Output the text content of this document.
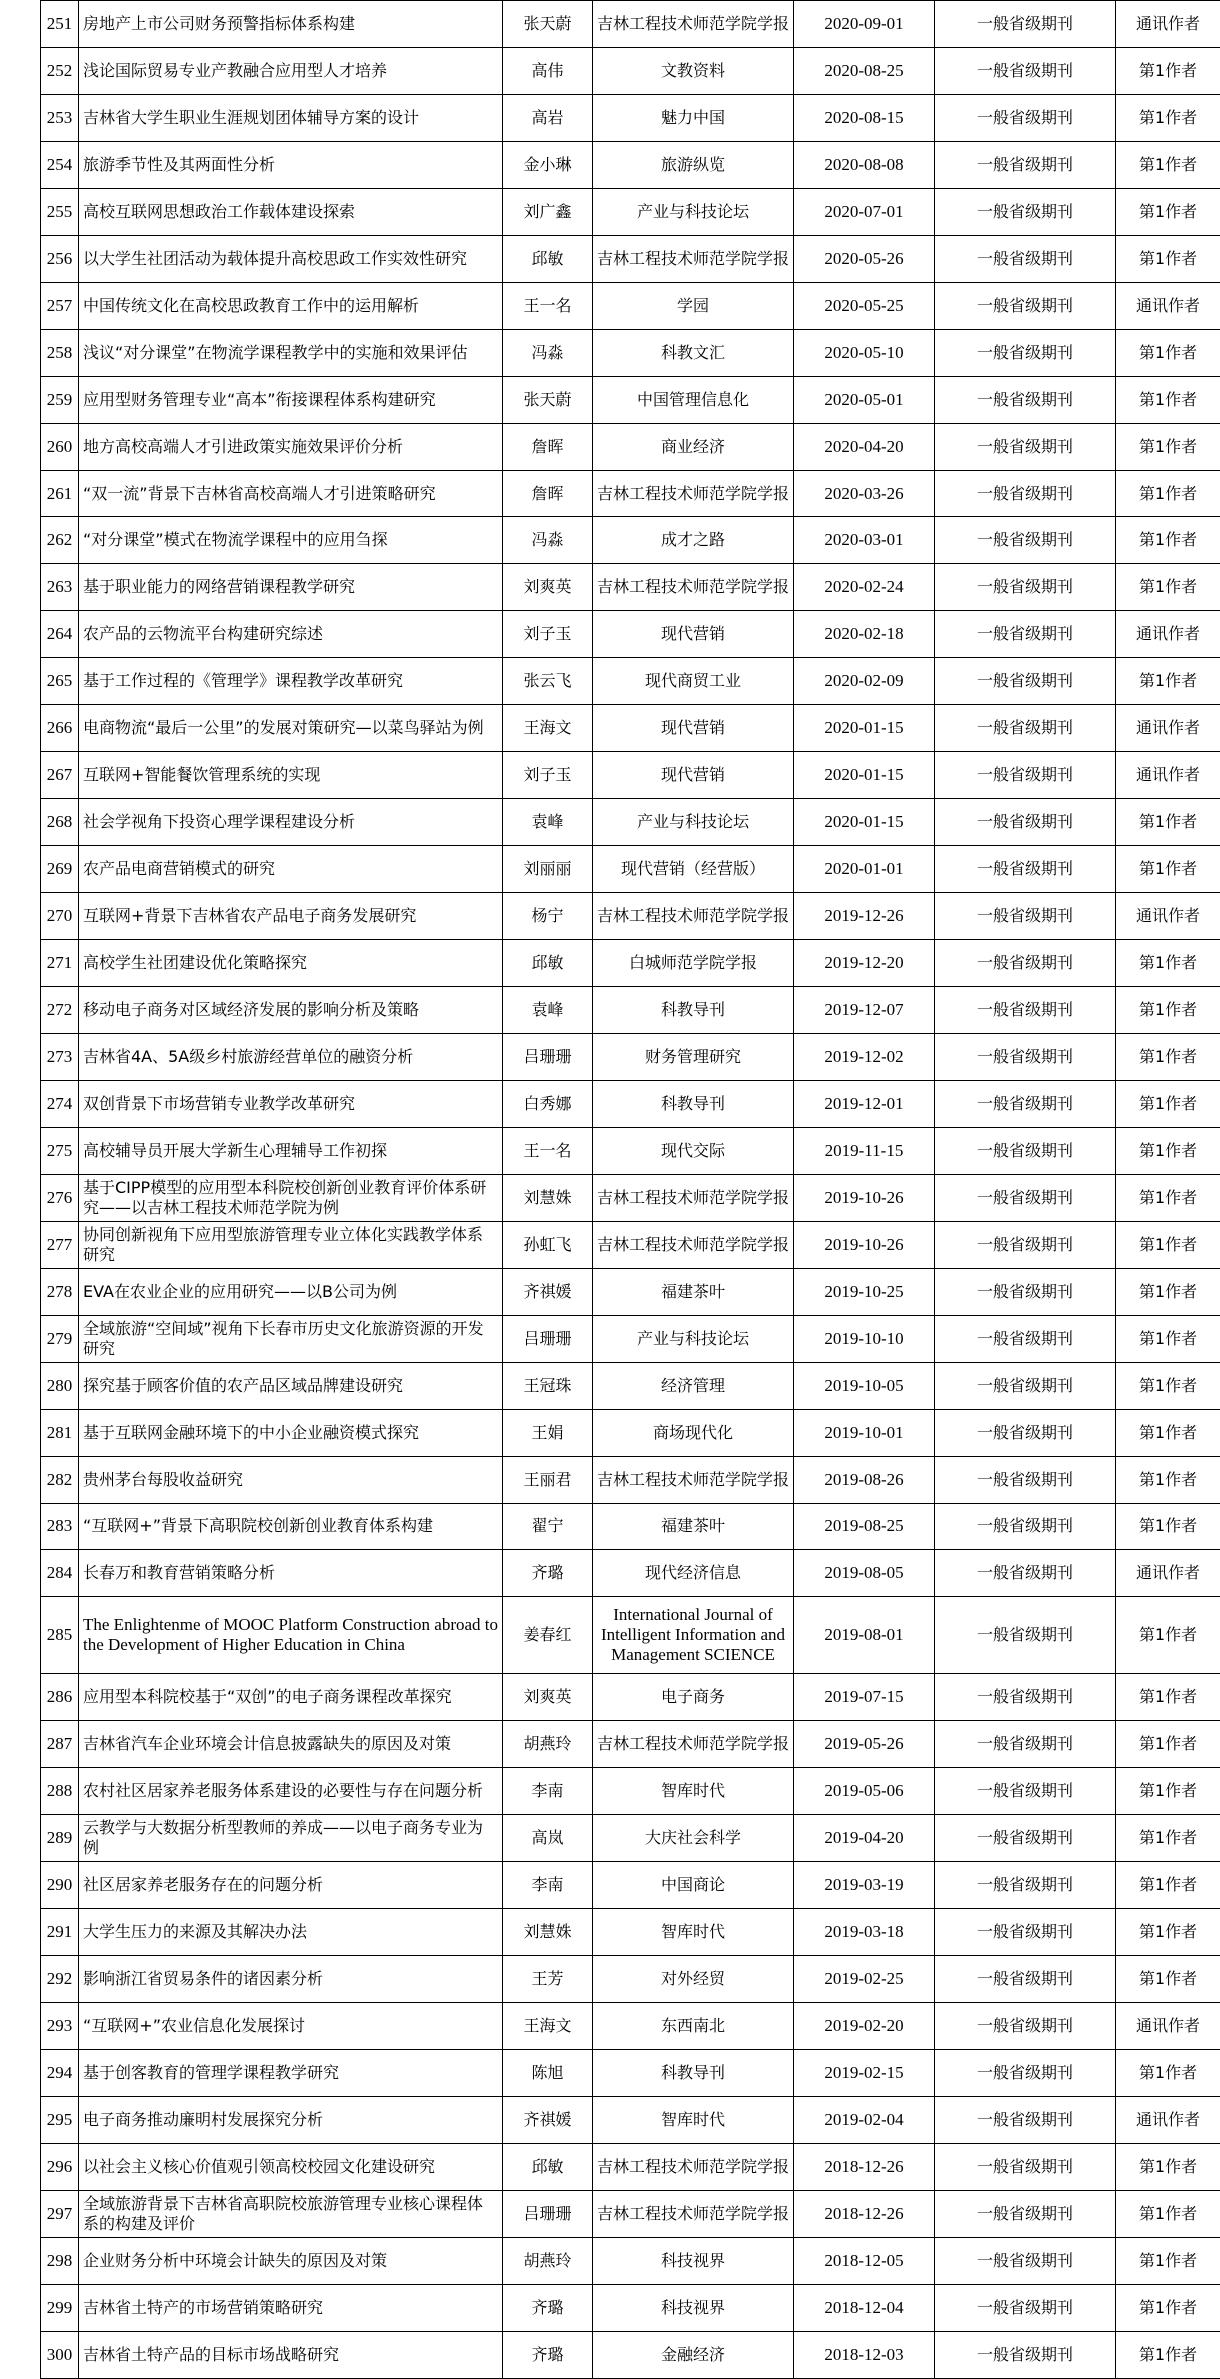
251	房地产上市公司财务预警指标体系构建	张天蔚	吉林工程技术师范学院学报	2020-09-01	一般省级期刊	通讯作者
252	浅论国际贸易专业产教融合应用型人才培养	高伟	文教资料	2020-08-25	一般省级期刊	第1作者
253	吉林省大学生职业生涯规划团体辅导方案的设计	高岩	魅力中国	2020-08-15	一般省级期刊	第1作者
254	旅游季节性及其两面性分析	金小琳	旅游纵览	2020-08-08	一般省级期刊	第1作者
255	高校互联网思想政治工作载体建设探索	刘广鑫	产业与科技论坛	2020-07-01	一般省级期刊	第1作者
256	以大学生社团活动为载体提升高校思政工作实效性研究	邱敏	吉林工程技术师范学院学报	2020-05-26	一般省级期刊	第1作者
257	中国传统文化在高校思政教育工作中的运用解析	王一名	学园	2020-05-25	一般省级期刊	通讯作者
258	浅议“对分课堂”在物流学课程教学中的实施和效果评估	冯淼	科教文汇	2020-05-10	一般省级期刊	第1作者
259	应用型财务管理专业“高本”衔接课程体系构建研究	张天蔚	中国管理信息化	2020-05-01	一般省级期刊	第1作者
260	地方高校高端人才引进政策实施效果评价分析	詹晖	商业经济	2020-04-20	一般省级期刊	第1作者
261	“双一流”背景下吉林省高校高端人才引进策略研究	詹晖	吉林工程技术师范学院学报	2020-03-26	一般省级期刊	第1作者
262	“对分课堂”模式在物流学课程中的应用刍探	冯淼	成才之路	2020-03-01	一般省级期刊	第1作者
263	基于职业能力的网络营销课程教学研究	刘爽英	吉林工程技术师范学院学报	2020-02-24	一般省级期刊	第1作者
264	农产品的云物流平台构建研究综述	刘子玉	现代营销	2020-02-18	一般省级期刊	通讯作者
265	基于工作过程的《管理学》课程教学改革研究	张云飞	现代商贸工业	2020-02-09	一般省级期刊	第1作者
266	电商物流“最后一公里”的发展对策研究—以菜鸟驿站为例	王海文	现代营销	2020-01-15	一般省级期刊	通讯作者
267	互联网+智能餐饮管理系统的实现	刘子玉	现代营销	2020-01-15	一般省级期刊	通讯作者
268	社会学视角下投资心理学课程建设分析	袁峰	产业与科技论坛	2020-01-15	一般省级期刊	第1作者
269	农产品电商营销模式的研究	刘丽丽	现代营销（经营版）	2020-01-01	一般省级期刊	第1作者
270	互联网+背景下吉林省农产品电子商务发展研究	杨宁	吉林工程技术师范学院学报	2019-12-26	一般省级期刊	通讯作者
271	高校学生社团建设优化策略探究	邱敏	白城师范学院学报	2019-12-20	一般省级期刊	第1作者
272	移动电子商务对区域经济发展的影响分析及策略	袁峰	科教导刊	2019-12-07	一般省级期刊	第1作者
273	吉林省4A、5A级乡村旅游经营单位的融资分析	吕珊珊	财务管理研究	2019-12-02	一般省级期刊	第1作者
274	双创背景下市场营销专业教学改革研究	白秀娜	科教导刊	2019-12-01	一般省级期刊	第1作者
275	高校辅导员开展大学新生心理辅导工作初探	王一名	现代交际	2019-11-15	一般省级期刊	第1作者
276	基于CIPP模型的应用型本科院校创新创业教育评价体系研究——以吉林工程技术师范学院为例	刘慧姝	吉林工程技术师范学院学报	2019-10-26	一般省级期刊	第1作者
277	协同创新视角下应用型旅游管理专业立体化实践教学体系研究	孙虹飞	吉林工程技术师范学院学报	2019-10-26	一般省级期刊	第1作者
278	EVA在农业企业的应用研究——以B公司为例	齐祺媛	福建茶叶	2019-10-25	一般省级期刊	第1作者
279	全域旅游“空间域”视角下长春市历史文化旅游资源的开发研究	吕珊珊	产业与科技论坛	2019-10-10	一般省级期刊	第1作者
280	探究基于顾客价值的农产品区域品牌建设研究	王冠珠	经济管理	2019-10-05	一般省级期刊	第1作者
281	基于互联网金融环境下的中小企业融资模式探究	王娟	商场现代化	2019-10-01	一般省级期刊	第1作者
282	贵州茅台每股收益研究	王丽君	吉林工程技术师范学院学报	2019-08-26	一般省级期刊	第1作者
283	“互联网+”背景下高职院校创新创业教育体系构建	翟宁	福建茶叶	2019-08-25	一般省级期刊	第1作者
284	长春万和教育营销策略分析	齐璐	现代经济信息	2019-08-05	一般省级期刊	通讯作者
285	The Enlightenme of MOOC Platform Construction abroad to the Development of Higher Education in China	姜春红	International Journal of Intelligent Information and Management SCIENCE	2019-08-01	一般省级期刊	第1作者
286	应用型本科院校基于“双创”的电子商务课程改革探究	刘爽英	电子商务	2019-07-15	一般省级期刊	第1作者
287	吉林省汽车企业环境会计信息披露缺失的原因及对策	胡燕玲	吉林工程技术师范学院学报	2019-05-26	一般省级期刊	第1作者
288	农村社区居家养老服务体系建设的必要性与存在问题分析	李南	智库时代	2019-05-06	一般省级期刊	第1作者
289	云教学与大数据分析型教师的养成——以电子商务专业为例	高岚	大庆社会科学	2019-04-20	一般省级期刊	第1作者
290	社区居家养老服务存在的问题分析	李南	中国商论	2019-03-19	一般省级期刊	第1作者
291	大学生压力的来源及其解决办法	刘慧姝	智库时代	2019-03-18	一般省级期刊	第1作者
292	影响浙江省贸易条件的诸因素分析	王芳	对外经贸	2019-02-25	一般省级期刊	第1作者
293	“互联网+”农业信息化发展探讨	王海文	东西南北	2019-02-20	一般省级期刊	通讯作者
294	基于创客教育的管理学课程教学研究	陈旭	科教导刊	2019-02-15	一般省级期刊	第1作者
295	电子商务推动廉明村发展探究分析	齐祺媛	智库时代	2019-02-04	一般省级期刊	通讯作者
296	以社会主义核心价值观引领高校校园文化建设研究	邱敏	吉林工程技术师范学院学报	2018-12-26	一般省级期刊	第1作者
297	全域旅游背景下吉林省高职院校旅游管理专业核心课程体系的构建及评价	吕珊珊	吉林工程技术师范学院学报	2018-12-26	一般省级期刊	第1作者
298	企业财务分析中环境会计缺失的原因及对策	胡燕玲	科技视界	2018-12-05	一般省级期刊	第1作者
299	吉林省土特产的市场营销策略研究	齐璐	科技视界	2018-12-04	一般省级期刊	第1作者
300	吉林省土特产品的目标市场战略研究	齐璐	金融经济	2018-12-03	一般省级期刊	第1作者
